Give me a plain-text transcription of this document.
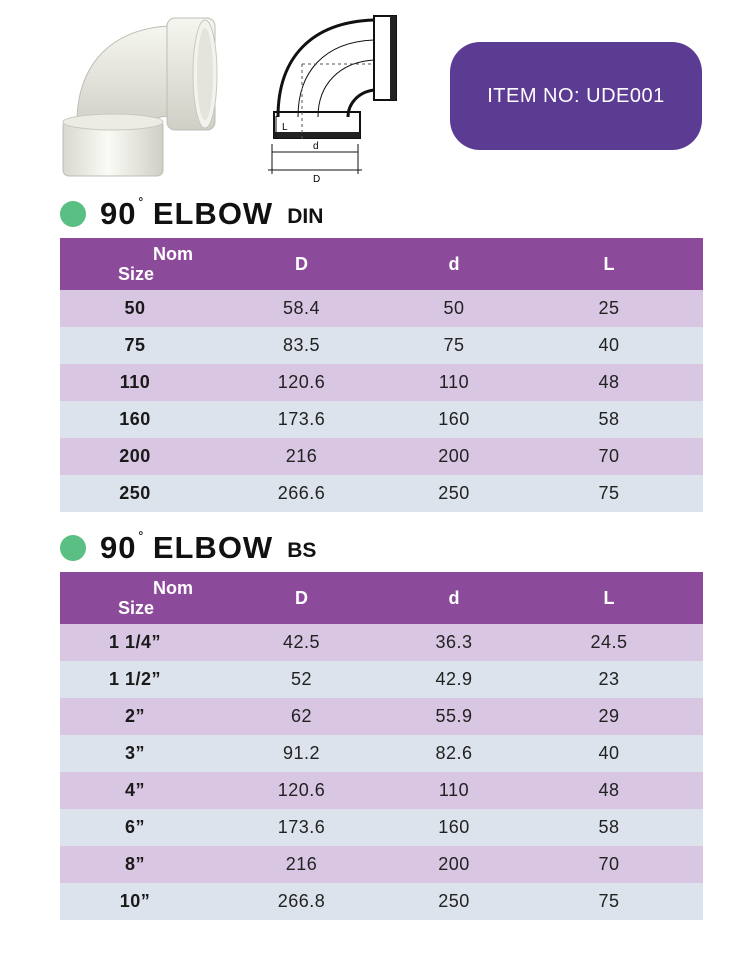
L
d
D
ITEM NO: UDE001
90 ˚ ELBOW DIN
Nom
Size	D	d	L
50	58.4	50	25
75	83.5	75	40
110	120.6	110	48
160	173.6	160	58
200	216	200	70
250	266.6	250	75
90 ˚ ELBOW BS
Nom
Size	D	d	L
1 1/4”	42.5	36.3	24.5
1 1/2”	52	42.9	23
2”	62	55.9	29
3”	91.2	82.6	40
4”	120.6	110	48
6”	173.6	160	58
8”	216	200	70
10”	266.8	250	75
